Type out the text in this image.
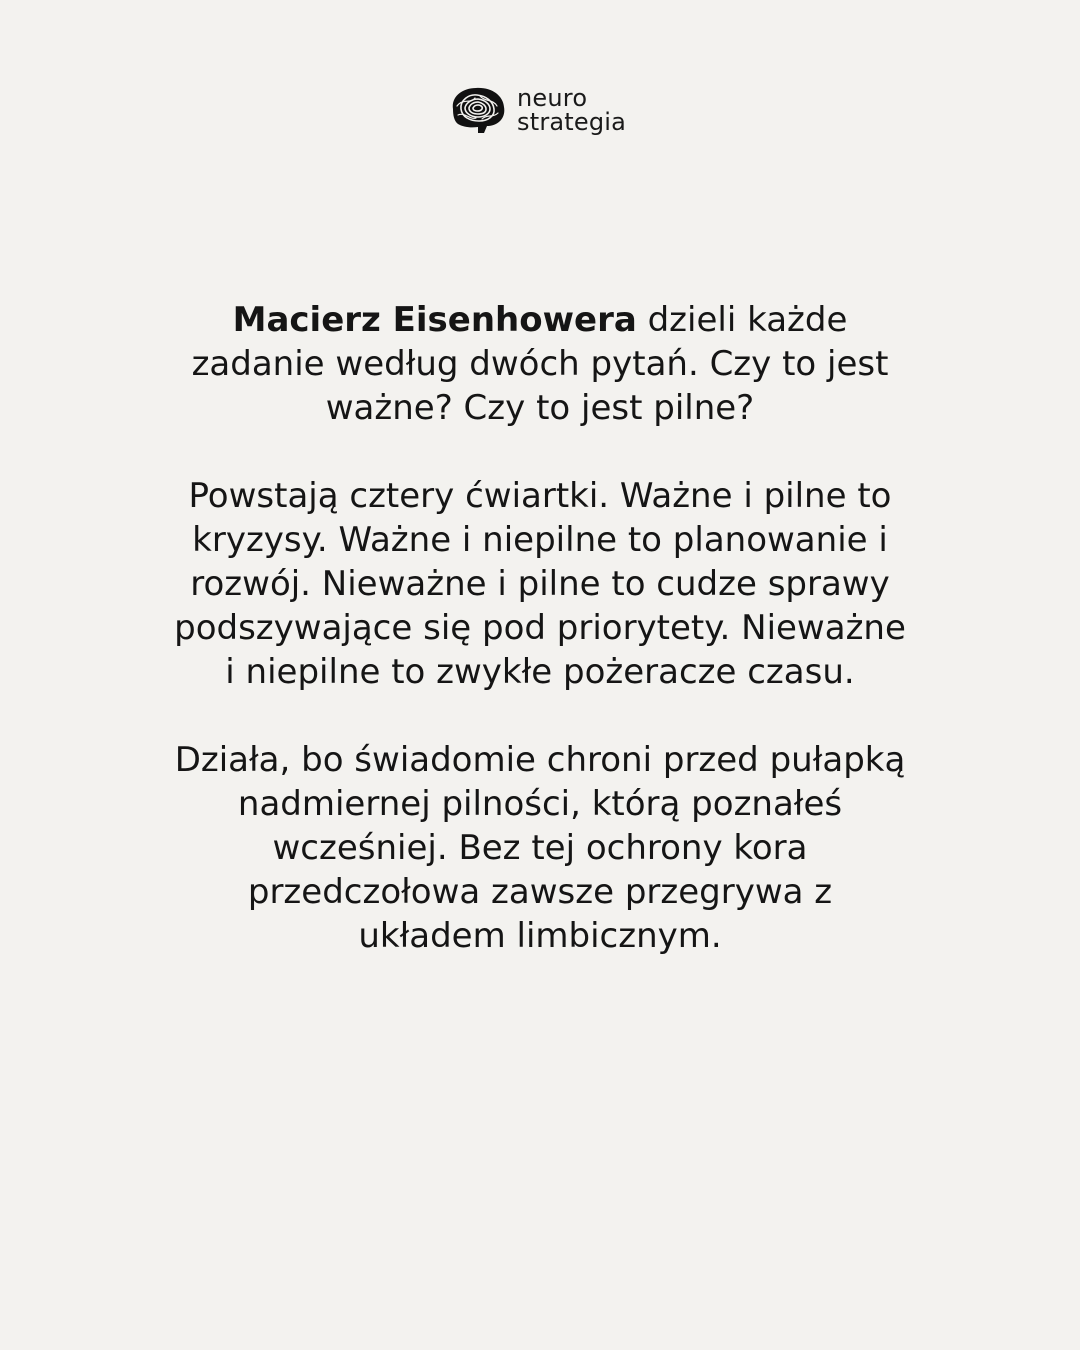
neuro
strategia

Macierz Eisenhowera dzieli każde zadanie według dwóch pytań. Czy to jest ważne? Czy to jest pilne?

Powstają cztery ćwiartki. Ważne i pilne to kryzysy. Ważne i niepilne to planowanie i rozwój. Nieważne i pilne to cudze sprawy podszywające się pod priorytety. Nieważne i niepilne to zwykłe pożeracze czasu.

Działa, bo świadomie chroni przed pułapką nadmiernej pilności, którą poznałeś wcześniej. Bez tej ochrony kora przedczołowa zawsze przegrywa z układem limbicznym.
